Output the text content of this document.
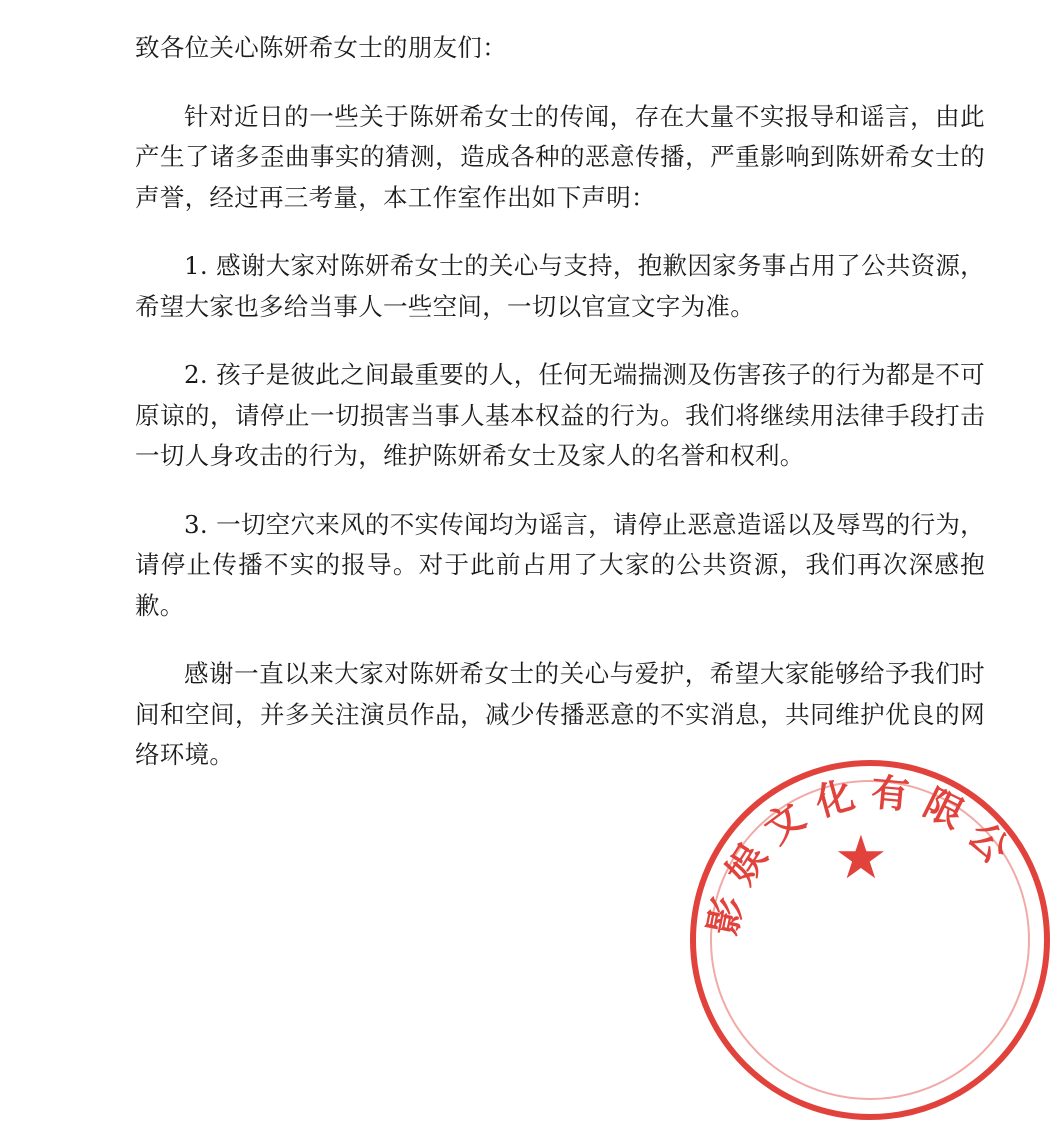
致各位关心陈妍希女士的朋友们：

针对近日的一些关于陈妍希女士的传闻，存在大量不实报导和谣言，由此产生了诸多歪曲事实的猜测，造成各种的恶意传播，严重影响到陈妍希女士的声誉，经过再三考量，本工作室作出如下声明：

1. 感谢大家对陈妍希女士的关心与支持，抱歉因家务事占用了公共资源，希望大家也多给当事人一些空间，一切以官宣文字为准。

2. 孩子是彼此之间最重要的人，任何无端揣测及伤害孩子的行为都是不可原谅的，请停止一切损害当事人基本权益的行为。我们将继续用法律手段打击一切人身攻击的行为，维护陈妍希女士及家人的名誉和权利。

3. 一切空穴来风的不实传闻均为谣言，请停止恶意造谣以及辱骂的行为，请停止传播不实的报导。对于此前占用了大家的公共资源，我们再次深感抱歉。

感谢一直以来大家对陈妍希女士的关心与爱护，希望大家能够给予我们时间和空间，并多关注演员作品，减少传播恶意的不实消息，共同维护优良的网络环境。

★
影 娱 文 化 有 限 公
